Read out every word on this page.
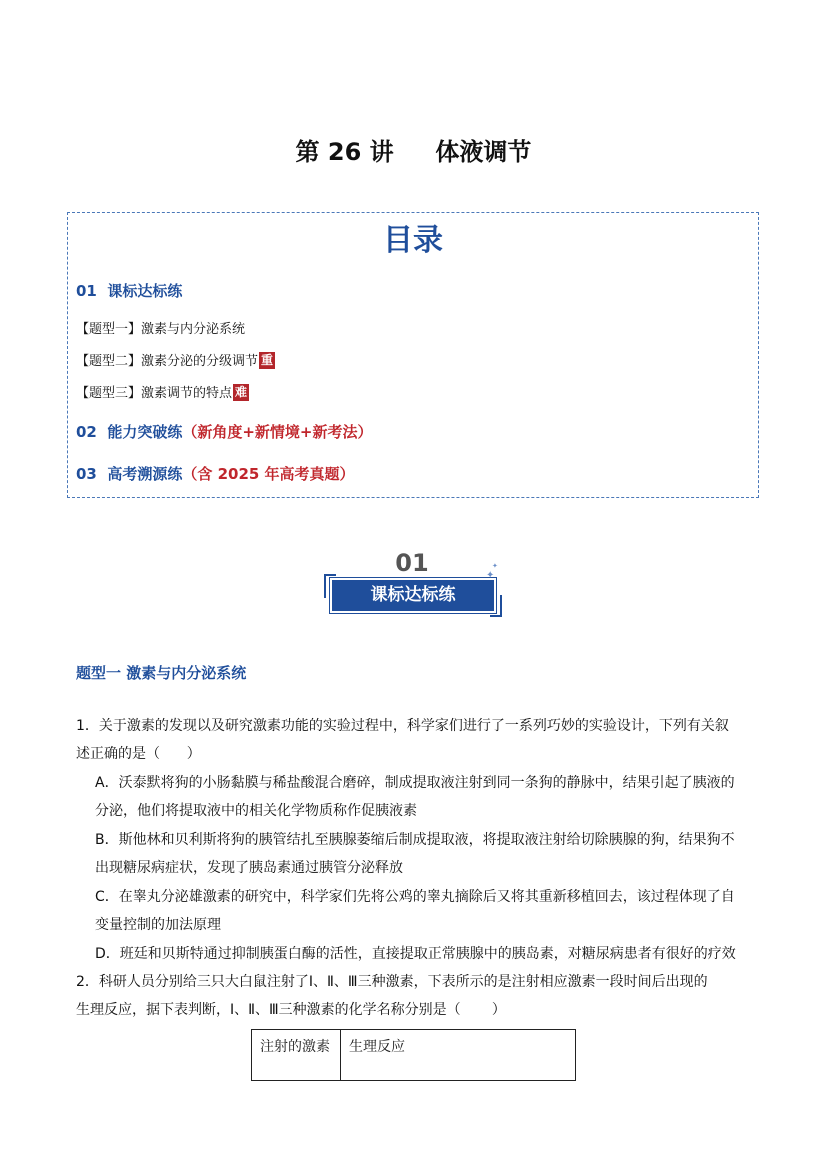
第 26 讲     体液调节
目录
01 课标达标练
【题型一】激素与内分泌系统
【题型二】激素分泌的分级调节 重
【题型三】激素调节的特点 难
02 能力突破练（新角度+新情境+新考法）
03 高考溯源练（含 2025 年高考真题）
01
课标达标练
✦
✦
题型一 激素与内分泌系统
1．关于激素的发现以及研究激素功能的实验过程中，科学家们进行了一系列巧妙的实验设计，下列有关叙
述正确的是（      ）
A．沃泰默将狗的小肠黏膜与稀盐酸混合磨碎，制成提取液注射到同一条狗的静脉中，结果引起了胰液的
分泌，他们将提取液中的相关化学物质称作促胰液素
B．斯他林和贝利斯将狗的胰管结扎至胰腺萎缩后制成提取液，将提取液注射给切除胰腺的狗，结果狗不
出现糖尿病症状，发现了胰岛素通过胰管分泌释放
C．在睾丸分泌雄激素的研究中，科学家们先将公鸡的睾丸摘除后又将其重新移植回去，该过程体现了自
变量控制的加法原理
D．班廷和贝斯特通过抑制胰蛋白酶的活性，直接提取正常胰腺中的胰岛素，对糖尿病患者有很好的疗效
2．科研人员分别给三只大白鼠注射了Ⅰ、Ⅱ、Ⅲ三种激素，下表所示的是注射相应激素一段时间后出现的
生理反应，据下表判断，Ⅰ、Ⅱ、Ⅲ三种激素的化学名称分别是（       ）
注射的激素	生理反应
